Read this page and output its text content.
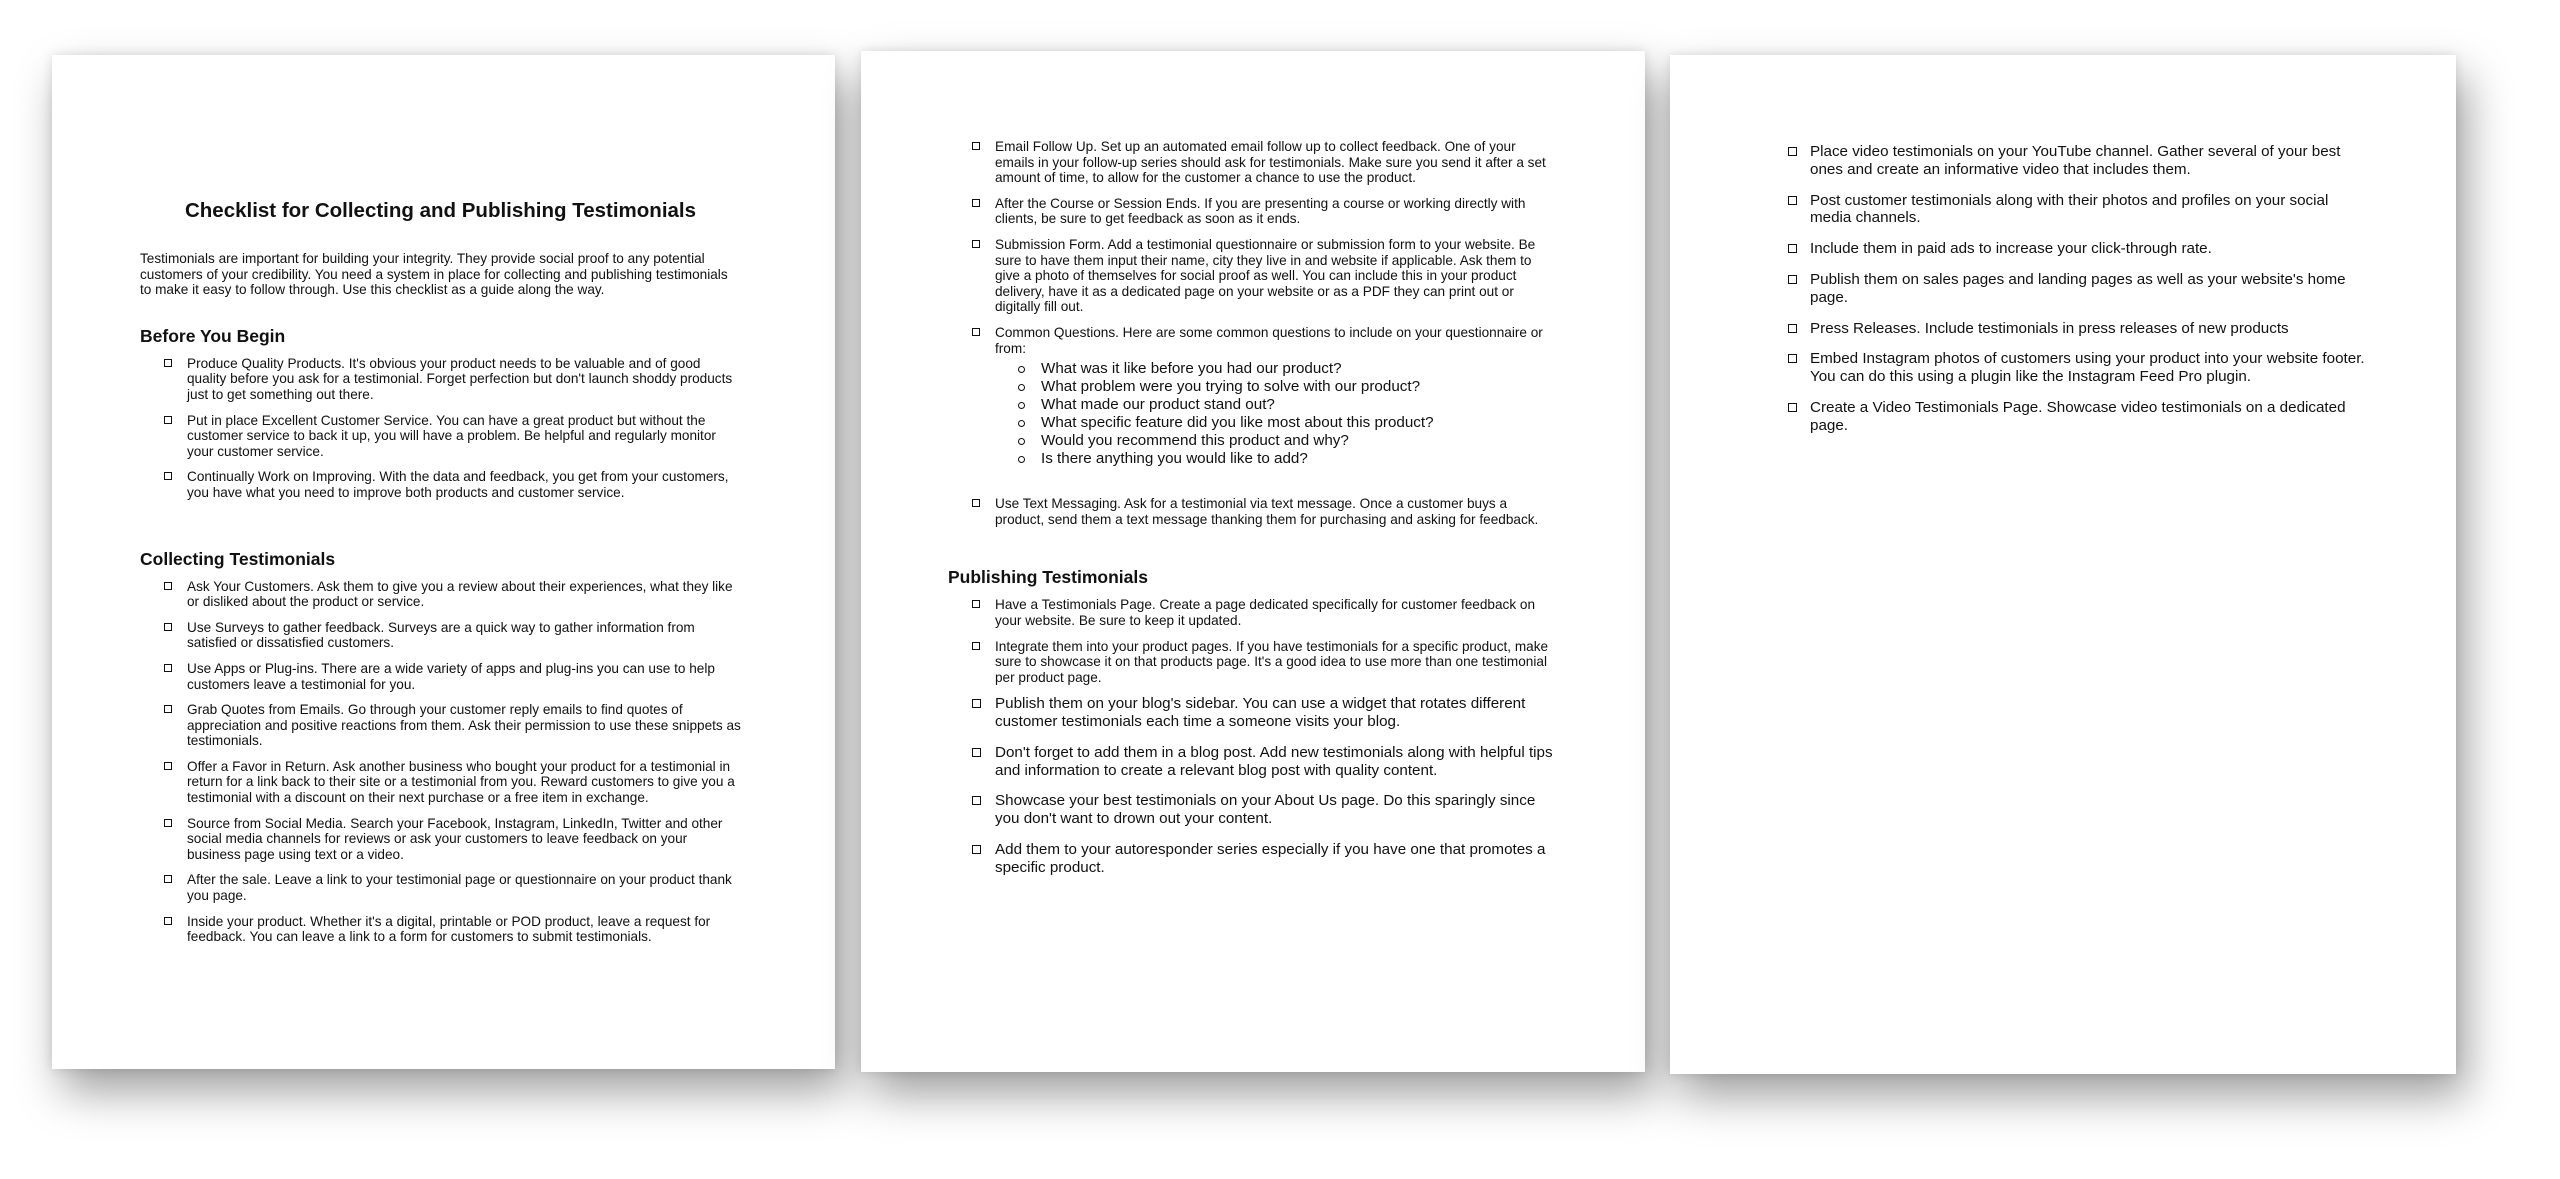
Checklist for Collecting and Publishing Testimonials

Testimonials are important for building your integrity. They provide social proof to any potential customers of your credibility. You need a system in place for collecting and publishing testimonials to make it easy to follow through. Use this checklist as a guide along the way.

Before You Begin
Produce Quality Products. It's obvious your product needs to be valuable and of good quality before you ask for a testimonial. Forget perfection but don't launch shoddy products just to get something out there.
Put in place Excellent Customer Service. You can have a great product but without the customer service to back it up, you will have a problem. Be helpful and regularly monitor your customer service.
Continually Work on Improving. With the data and feedback, you get from your customers, you have what you need to improve both products and customer service.
Collecting Testimonials
Ask Your Customers. Ask them to give you a review about their experiences, what they like or disliked about the product or service.
Use Surveys to gather feedback. Surveys are a quick way to gather information from satisfied or dissatisfied customers.
Use Apps or Plug-ins. There are a wide variety of apps and plug-ins you can use to help customers leave a testimonial for you.
Grab Quotes from Emails. Go through your customer reply emails to find quotes of appreciation and positive reactions from them. Ask their permission to use these snippets as testimonials.
Offer a Favor in Return. Ask another business who bought your product for a testimonial in return for a link back to their site or a testimonial from you. Reward customers to give you a testimonial with a discount on their next purchase or a free item in exchange.
Source from Social Media. Search your Facebook, Instagram, LinkedIn, Twitter and other social media channels for reviews or ask your customers to leave feedback on your business page using text or a video.
After the sale. Leave a link to your testimonial page or questionnaire on your product thank you page.
Inside your product. Whether it's a digital, printable or POD product, leave a request for feedback. You can leave a link to a form for customers to submit testimonials.
Email Follow Up. Set up an automated email follow up to collect feedback. One of your emails in your follow-up series should ask for testimonials. Make sure you send it after a set amount of time, to allow for the customer a chance to use the product.
After the Course or Session Ends. If you are presenting a course or working directly with clients, be sure to get feedback as soon as it ends.
Submission Form. Add a testimonial questionnaire or submission form to your website. Be sure to have them input their name, city they live in and website if applicable. Ask them to give a photo of themselves for social proof as well. You can include this in your product delivery, have it as a dedicated page on your website or as a PDF they can print out or digitally fill out.
Common Questions. Here are some common questions to include on your questionnaire or from:
What was it like before you had our product?
What problem were you trying to solve with our product?
What made our product stand out?
What specific feature did you like most about this product?
Would you recommend this product and why?
Is there anything you would like to add?
Use Text Messaging. Ask for a testimonial via text message. Once a customer buys a product, send them a text message thanking them for purchasing and asking for feedback.
Publishing Testimonials
Have a Testimonials Page. Create a page dedicated specifically for customer feedback on your website. Be sure to keep it updated.
Integrate them into your product pages. If you have testimonials for a specific product, make sure to showcase it on that products page. It's a good idea to use more than one testimonial per product page.
Publish them on your blog's sidebar. You can use a widget that rotates different customer testimonials each time a someone visits your blog.
Don't forget to add them in a blog post. Add new testimonials along with helpful tips and information to create a relevant blog post with quality content.
Showcase your best testimonials on your About Us page. Do this sparingly since you don't want to drown out your content.
Add them to your autoresponder series especially if you have one that promotes a specific product.
Place video testimonials on your YouTube channel. Gather several of your best ones and create an informative video that includes them.
Post customer testimonials along with their photos and profiles on your social media channels.
Include them in paid ads to increase your click-through rate.
Publish them on sales pages and landing pages as well as your website's home page.
Press Releases. Include testimonials in press releases of new products
Embed Instagram photos of customers using your product into your website footer. You can do this using a plugin like the Instagram Feed Pro plugin.
Create a Video Testimonials Page. Showcase video testimonials on a dedicated page.
